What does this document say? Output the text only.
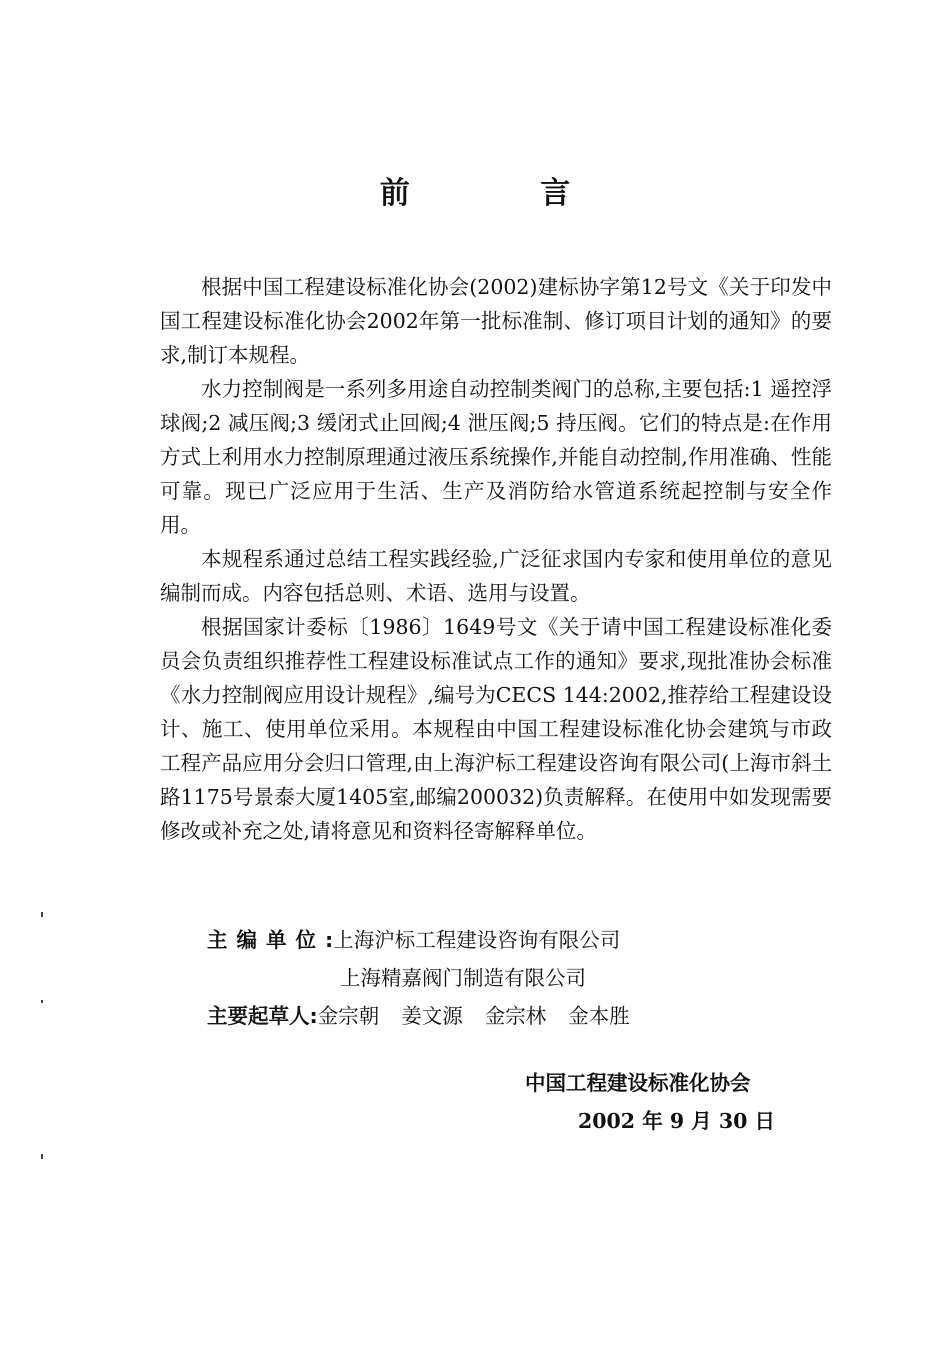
前 言

根据中国工程建设标准化协会(2002)建标协字第12号文《关于印发中国工程建设标准化协会2002年第一批标准制、修订项目计划的通知》的要求,制订本规程。

水力控制阀是一系列多用途自动控制类阀门的总称,主要包括:1 遥控浮球阀;2 减压阀;3 缓闭式止回阀;4 泄压阀;5 持压阀。它们的特点是:在作用方式上利用水力控制原理通过液压系统操作,并能自动控制,作用准确、性能可靠。现已广泛应用于生活、生产及消防给水管道系统起控制与安全作用。

本规程系通过总结工程实践经验,广泛征求国内专家和使用单位的意见编制而成。内容包括总则、术语、选用与设置。

根据国家计委标〔1986〕1649号文《关于请中国工程建设标准化委员会负责组织推荐性工程建设标准试点工作的通知》要求,现批准协会标准《水力控制阀应用设计规程》,编号为CECS 144:2002,推荐给工程建设设计、施工、使用单位采用。本规程由中国工程建设标准化协会建筑与市政工程产品应用分会归口管理,由上海沪标工程建设咨询有限公司(上海市斜土路1175号景泰大厦1405室,邮编200032)负责解释。在使用中如发现需要修改或补充之处,请将意见和资料径寄解释单位。

主编单位: 上海沪标工程建设咨询有限公司
上海精嘉阀门制造有限公司
主要起草人: 金宗朝 姜文源 金宗林 金本胜
中国工程建设标准化协会
2002 年 9 月 30 日
